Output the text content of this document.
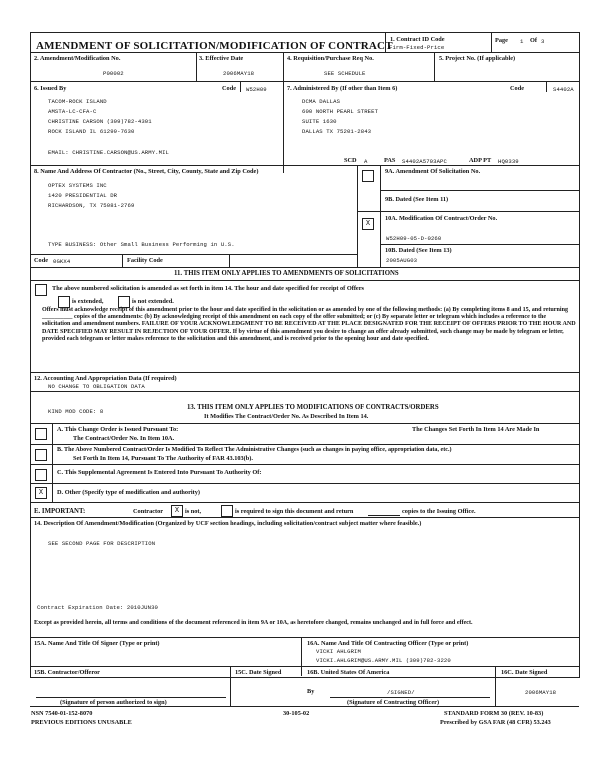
AMENDMENT OF SOLICITATION/MODIFICATION OF CONTRACT
1. Contract ID Code
Firm-Fixed-Price
Page 1 Of 3
2. Amendment/Modification No.
P00002
3. Effective Date
2006MAY18
4. Requisition/Purchase Req No.
SEE SCHEDULE
5. Project No. (If applicable)
6. Issued By	Code W52H09
TACOM-ROCK ISLAND
AMSTA-LC-CFA-C
CHRISTINE CARSON (309)782-4301
ROCK ISLAND IL 61299-7630
EMAIL: CHRISTINE.CARSON@US.ARMY.MIL
7. Administered By (If other than Item 6)	Code	S4402A
DCMA DALLAS
600 NORTH PEARL STREET
SUITE 1630
DALLAS TX 75201-2843
SCD A	PAS S4402A5703APC	ADP PT HQ0339
8. Name And Address Of Contractor (No., Street, City, County, State and Zip Code)
OPTEX SYSTEMS INC
1420 PRESIDENTIAL DR
RICHARDSON, TX 75081-2769
TYPE BUSINESS: Other Small Business Performing in U.S.
Code 0GKX4	Facility Code
9A. Amendment Of Solicitation No.
9B. Dated (See Item 11)
X
10A. Modification Of Contract/Order No.
W52H09-05-D-0260
10B. Dated (See Item 13)
2005AUG03
11. THIS ITEM ONLY APPLIES TO AMENDMENTS OF SOLICITATIONS
The above numbered solicitation is amended as set forth in item 14. The hour and date specified for receipt of Offers
is extended,	is not extended.
Offers must acknowledge receipt of this amendment prior to the hour and date specified in the solicitation or as amended by one of the following methods: (a) By completing items 8 and 15, and returning __________ copies of the amendments: (b) By acknowledging receipt of this amendment on each copy of the offer submitted; or (c) By separate letter or telegram which includes a reference to the solicitation and amendment numbers. FAILURE OF YOUR ACKNOWLEDGMENT TO BE RECEIVED AT THE PLACE DESIGNATED FOR THE RECEIPT OF OFFERS PRIOR TO THE HOUR AND DATE SPECIFIED MAY RESULT IN REJECTION OF YOUR OFFER. If by virtue of this amendment you desire to change an offer already submitted, such change may be made by telegram or letter, provided each telegram or letter makes reference to the solicitation and this amendment, and is received prior to the opening hour and date specified.
12. Accounting And Appropriation Data (If required)
NO CHANGE TO OBLIGATION DATA
KIND MOD CODE: 8
13. THIS ITEM ONLY APPLIES TO MODIFICATIONS OF CONTRACTS/ORDERS
It Modifies The Contract/Order No. As Described In Item 14.
A. This Change Order is Issued Pursuant To:
The Contract/Order No. In Item 10A.
The Changes Set Forth In Item 14 Are Made In
B. The Above Numbered Contract/Order Is Modified To Reflect The Administrative Changes (such as changes in paying office, appropriation data, etc.)
Set Forth In Item 14, Pursuant To The Authority of FAR 43.103(b).
C. This Supplemental Agreement Is Entered Into Pursuant To Authority Of:
X	D. Other (Specify type of modification and authority)
E. IMPORTANT:	Contractor	X is not,	is required to sign this document and return	copies to the Issuing Office.
14. Description Of Amendment/Modification (Organized by UCF section headings, including solicitation/contract subject matter where feasible.)
SEE SECOND PAGE FOR DESCRIPTION
Contract Expiration Date: 2010JUN30
Except as provided herein, all terms and conditions of the document referenced in item 9A or 10A, as heretofore changed, remains unchanged and in full force and effect.
15A. Name And Title Of Signer (Type or print)	16A. Name And Title Of Contracting Officer (Type or print)
VICKI AHLGRIM
VICKI.AHLGRIM@US.ARMY.MIL (309)782-3220
15B. Contractor/Offeror	15C. Date Signed	16B. United States Of America	16C. Date Signed
By	/SIGNED/	2006MAY18
(Signature of person authorized to sign)	(Signature of Contracting Officer)
NSN 7540-01-152-8070
PREVIOUS EDITIONS UNUSABLE
30-105-02	STANDARD FORM 30 (REV. 10-83)
Prescribed by GSA FAR (48 CFR) 53.243
